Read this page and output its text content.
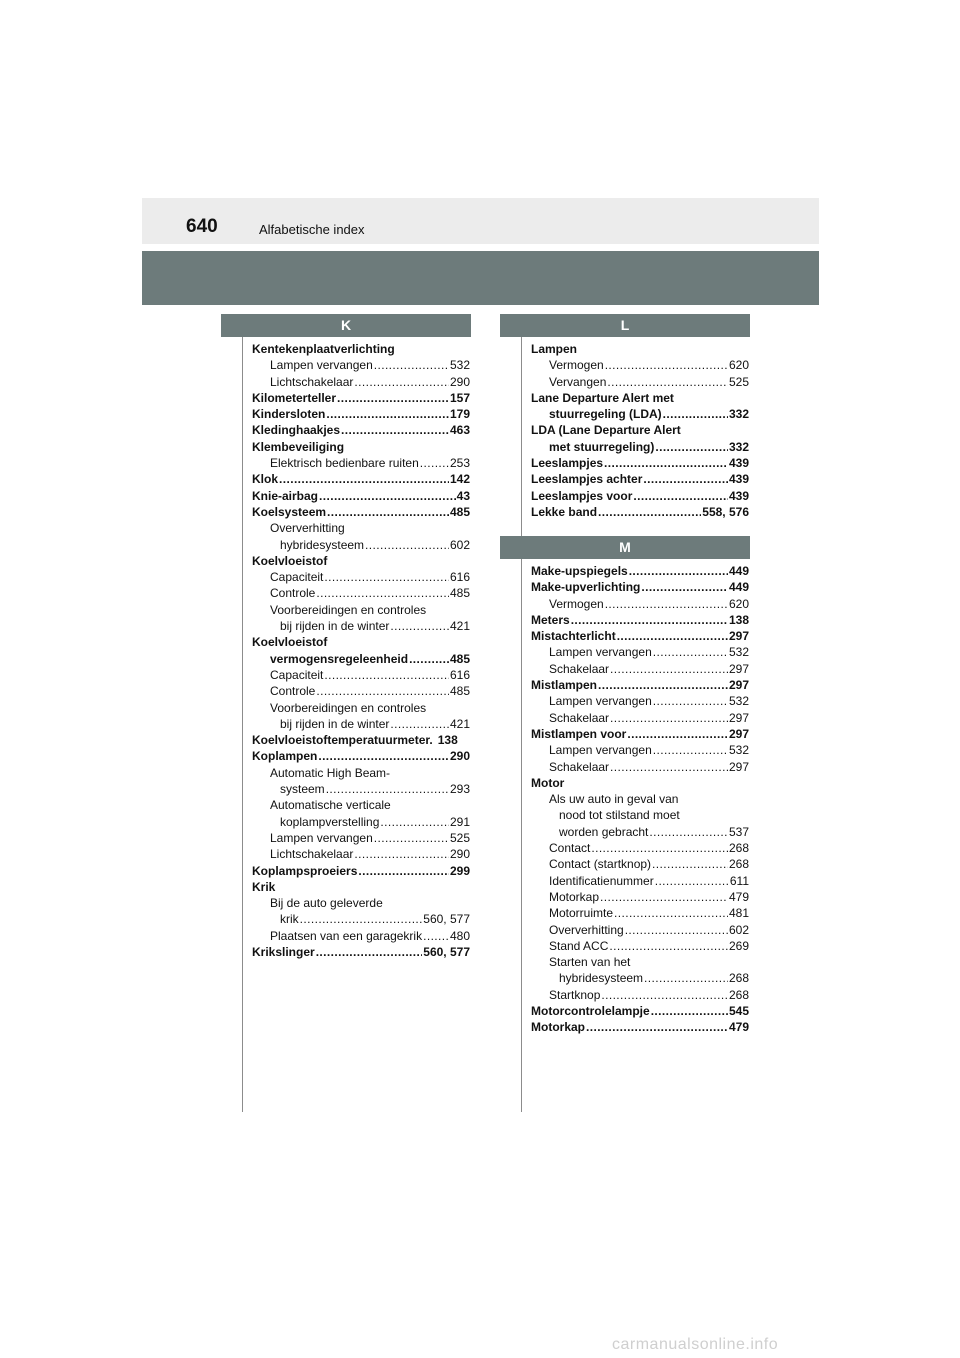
640	Alfabetische index
K
Kentekenplaatverlichting
Lampen vervangen .....	532
Lichtschakelaar .....	290
Kilometerteller .....	157
Kindersloten .....	179
Kledinghaakjes .....	463
Klembeveiliging
Elektrisch bedienbare ruiten .....	253
Klok .....	142
Knie-airbag .....	43
Koelsysteem .....	485
Oververhitting
hybridesysteem .....	602
Koelvloeistof
Capaciteit .....	616
Controle .....	485
Voorbereidingen en controles
bij rijden in de winter .....	421
Koelvloeistof
vermogensregeleenheid .....	485
Capaciteit .....	616
Controle .....	485
Voorbereidingen en controles
bij rijden in de winter .....	421
Koelvloeistoftemperatuurmeter. 138
Koplampen .....	290
Automatic High Beam-
systeem .....	293
Automatische verticale
koplampverstelling .....	291
Lampen vervangen .....	525
Lichtschakelaar .....	290
Koplampsproeiers .....	299
Krik
Bij de auto geleverde
krik .....	560, 577
Plaatsen van een garagekrik ..... 480
Krikslinger .....	560, 577
L
Lampen
Vermogen .....	620
Vervangen .....	525
Lane Departure Alert met
stuurregeling (LDA) .....	332
LDA (Lane Departure Alert
met stuurregeling) .....	332
Leeslampjes .....	439
Leeslampjes achter .....	439
Leeslampjes voor .....	439
Lekke band .....	558, 576
M
Make-upspiegels .....	449
Make-upverlichting .....	449
Vermogen .....	620
Meters .....	138
Mistachterlicht .....	297
Lampen vervangen .....	532
Schakelaar .....	297
Mistlampen .....	297
Lampen vervangen .....	532
Schakelaar .....	297
Mistlampen voor .....	297
Lampen vervangen .....	532
Schakelaar .....	297
Motor
Als uw auto in geval van
nood tot stilstand moet
worden gebracht .....	537
Contact .....	268
Contact (startknop) .....	268
Identificatienummer .....	611
Motorkap .....	479
Motorruimte .....	481
Oververhitting .....	602
Stand ACC .....	269
Starten van het
hybridesysteem .....	268
Startknop .....	268
Motorcontrolelampje .....	545
Motorkap .....	479
carmanualsonline.info
